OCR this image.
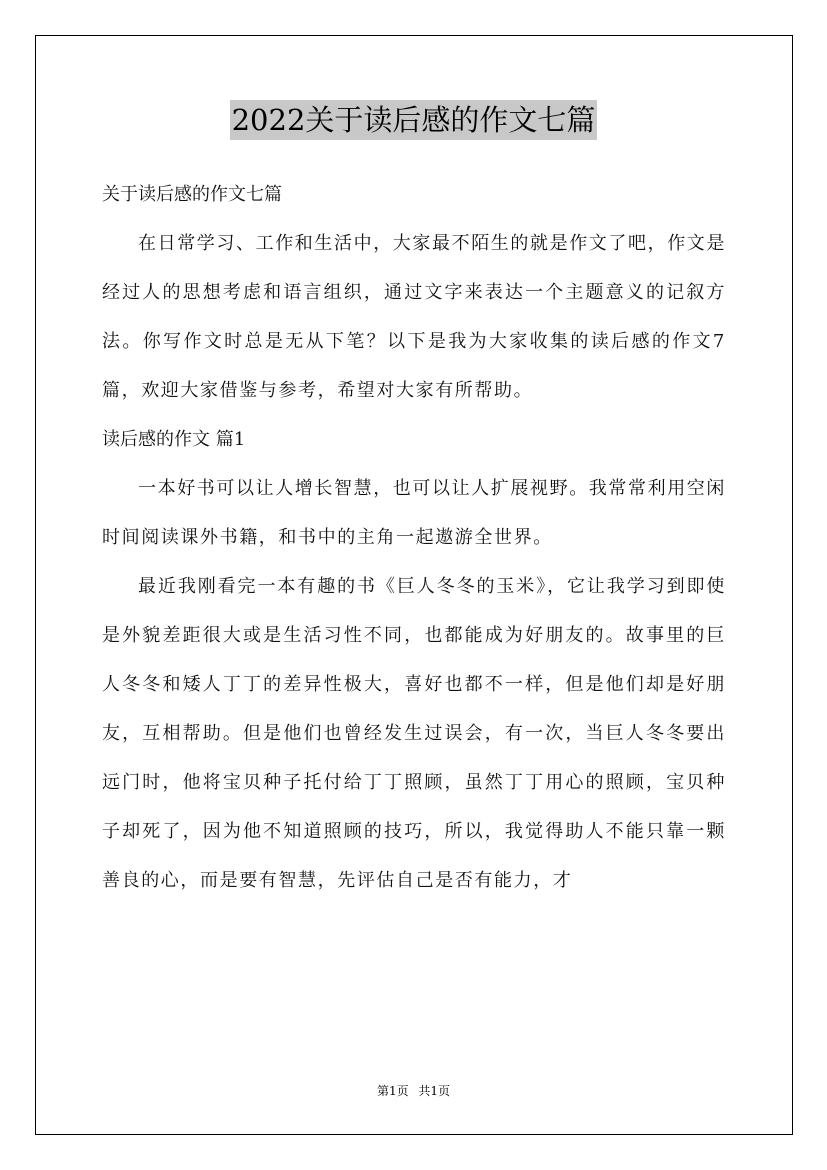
2022关于读后感的作文七篇

关于读后感的作文七篇

在日常学习、工作和生活中，大家最不陌生的就是作文了吧，作文是经过人的思想考虑和语言组织，通过文字来表达一个主题意义的记叙方法。你写作文时总是无从下笔？以下是我为大家收集的读后感的作文7篇，欢迎大家借鉴与参考，希望对大家有所帮助。

读后感的作文 篇1

一本好书可以让人增长智慧，也可以让人扩展视野。我常常利用空闲时间阅读课外书籍，和书中的主角一起遨游全世界。

最近我刚看完一本有趣的书《巨人冬冬的玉米》，它让我学习到即使是外貌差距很大或是生活习性不同，也都能成为好朋友的。故事里的巨人冬冬和矮人丁丁的差异性极大，喜好也都不一样，但是他们却是好朋友，互相帮助。但是他们也曾经发生过误会，有一次，当巨人冬冬要出远门时，他将宝贝种子托付给丁丁照顾，虽然丁丁用心的照顾，宝贝种子却死了，因为他不知道照顾的技巧，所以，我觉得助人不能只靠一颗善良的心，而是要有智慧，先评估自己是否有能力，才

第1页 共1页
